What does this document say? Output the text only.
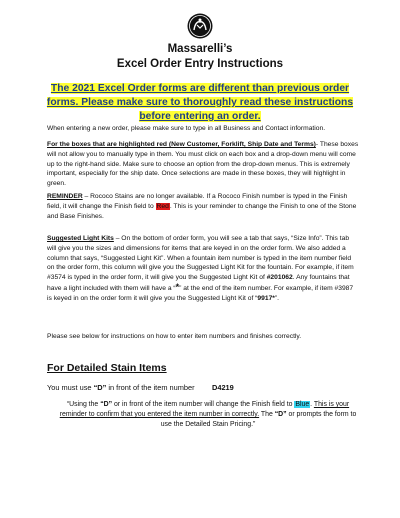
Massarelli’s
Excel Order Entry Instructions
The 2021 Excel Order forms are different than previous order forms. Please make sure to thoroughly read these instructions before entering an order.
When entering a new order, please make sure to type in all Business and Contact information.
For the boxes that are highlighted red (New Customer, Forklift, Ship Date and Terms)- These boxes will not allow you to manually type in them. You must click on each box and a drop-down menu will come up to the right-hand side. Make sure to choose an option from the drop-down menus. This is extremely important, especially for the ship date. Once selections are made in these boxes, they will highlight in green.
REMINDER – Rococo Stains are no longer available. If a Rococo Finish number is typed in the Finish field, it will change the Finish field to Red. This is your reminder to change the Finish to one of the Stone and Base Finishes.
Suggested Light Kits – On the bottom of order form, you will see a tab that says, “Size Info”. This tab will give you the sizes and dimensions for items that are keyed in on the order form. We also added a column that says, “Suggested Light Kit”. When a fountain item number is typed in the item number field on the order form, this column will give you the Suggested Light Kit for the fountain. For example, if item #3574 is typed in the order form, it will give you the Suggested Light Kit of #201062. Any fountains that have a light included with them will have a “*” at the end of the item number. For example, if item #3987 is keyed in on the order form it will give you the Suggested Light Kit of “9917*”.
Please see below for instructions on how to enter item numbers and finishes correctly.
For Detailed Stain Items
You must use “D” in front of the item number D4219
“Using the “D” or in front of the item number will change the Finish field to Blue. This is your reminder to confirm that you entered the item number in correctly. The “D” or prompts the form to use the Detailed Stain Pricing.”
